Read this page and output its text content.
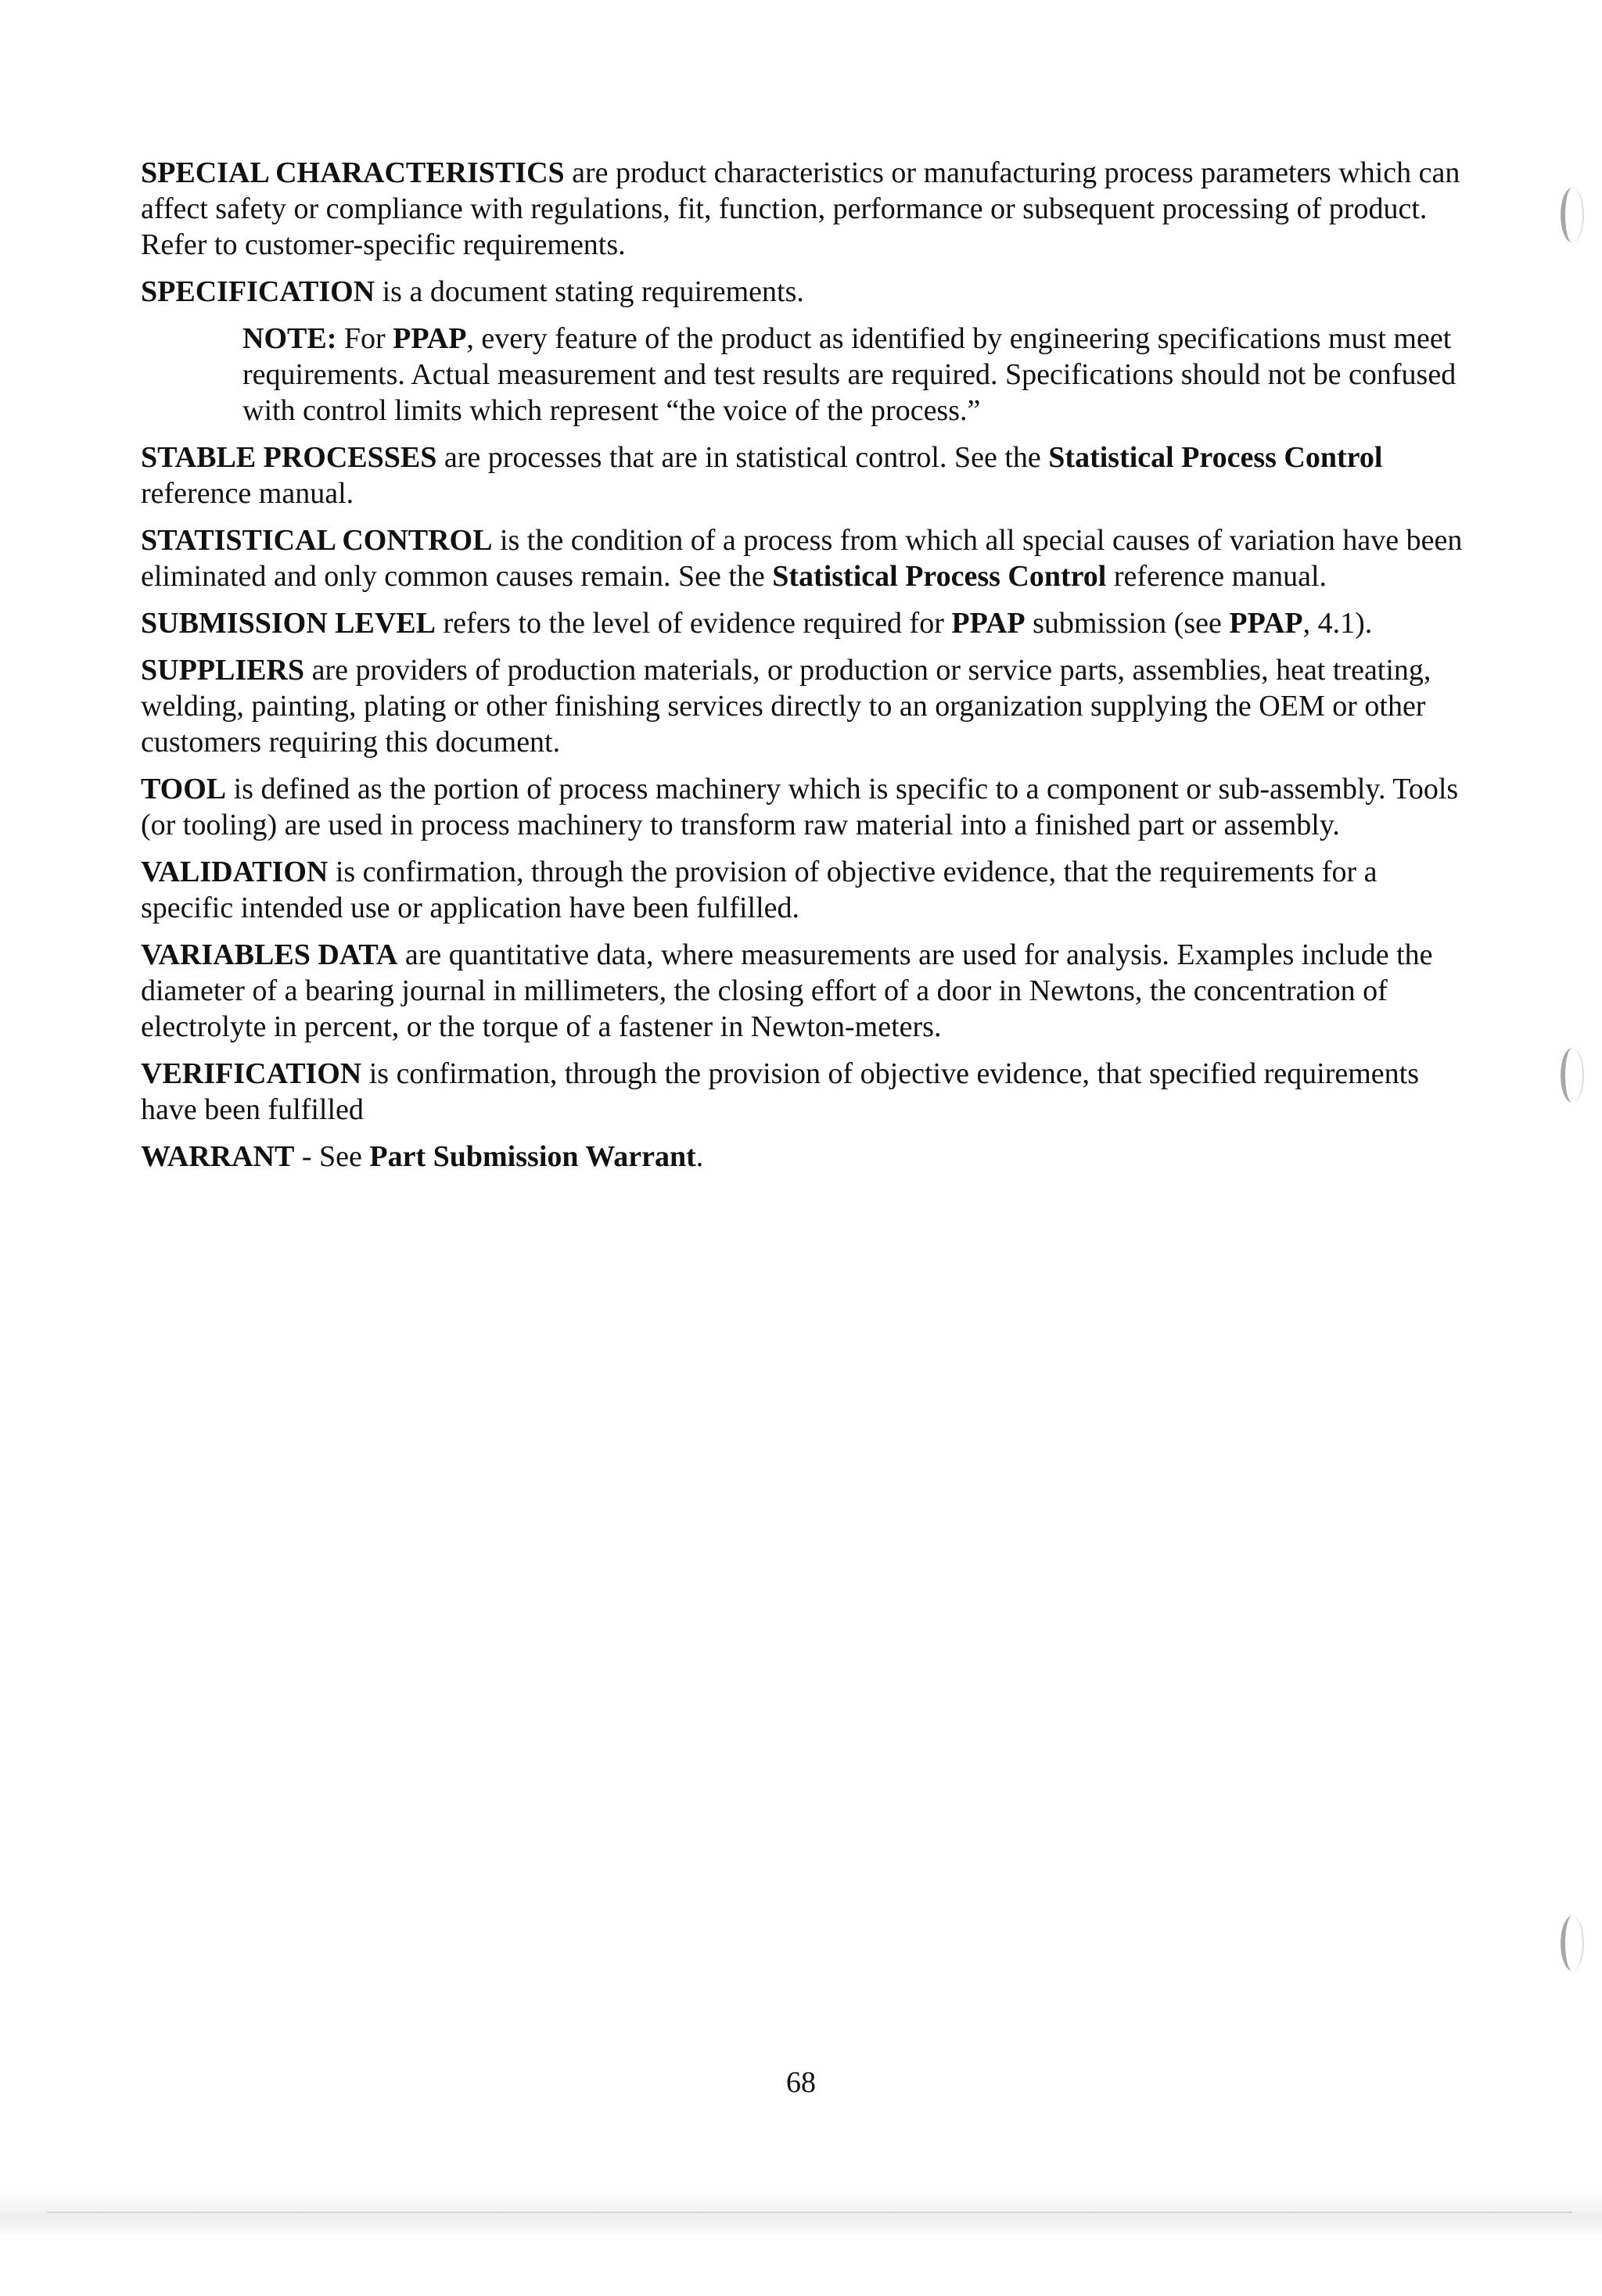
SPECIAL CHARACTERISTICS are product characteristics or manufacturing process parameters which can affect safety or compliance with regulations, fit, function, performance or subsequent processing of product. Refer to customer-specific requirements.

SPECIFICATION is a document stating requirements.

NOTE: For PPAP, every feature of the product as identified by engineering specifications must meet requirements. Actual measurement and test results are required. Specifications should not be confused with control limits which represent “the voice of the process.”

STABLE PROCESSES are processes that are in statistical control. See the Statistical Process Control reference manual.

STATISTICAL CONTROL is the condition of a process from which all special causes of variation have been eliminated and only common causes remain. See the Statistical Process Control reference manual.

SUBMISSION LEVEL refers to the level of evidence required for PPAP submission (see PPAP, 4.1).

SUPPLIERS are providers of production materials, or production or service parts, assemblies, heat treating, welding, painting, plating or other finishing services directly to an organization supplying the OEM or other customers requiring this document.

TOOL is defined as the portion of process machinery which is specific to a component or sub-assembly. Tools (or tooling) are used in process machinery to transform raw material into a finished part or assembly.

VALIDATION is confirmation, through the provision of objective evidence, that the requirements for a specific intended use or application have been fulfilled.

VARIABLES DATA are quantitative data, where measurements are used for analysis. Examples include the diameter of a bearing journal in millimeters, the closing effort of a door in Newtons, the concentration of electrolyte in percent, or the torque of a fastener in Newton-meters.

VERIFICATION is confirmation, through the provision of objective evidence, that specified requirements have been fulfilled

WARRANT - See Part Submission Warrant.

68
